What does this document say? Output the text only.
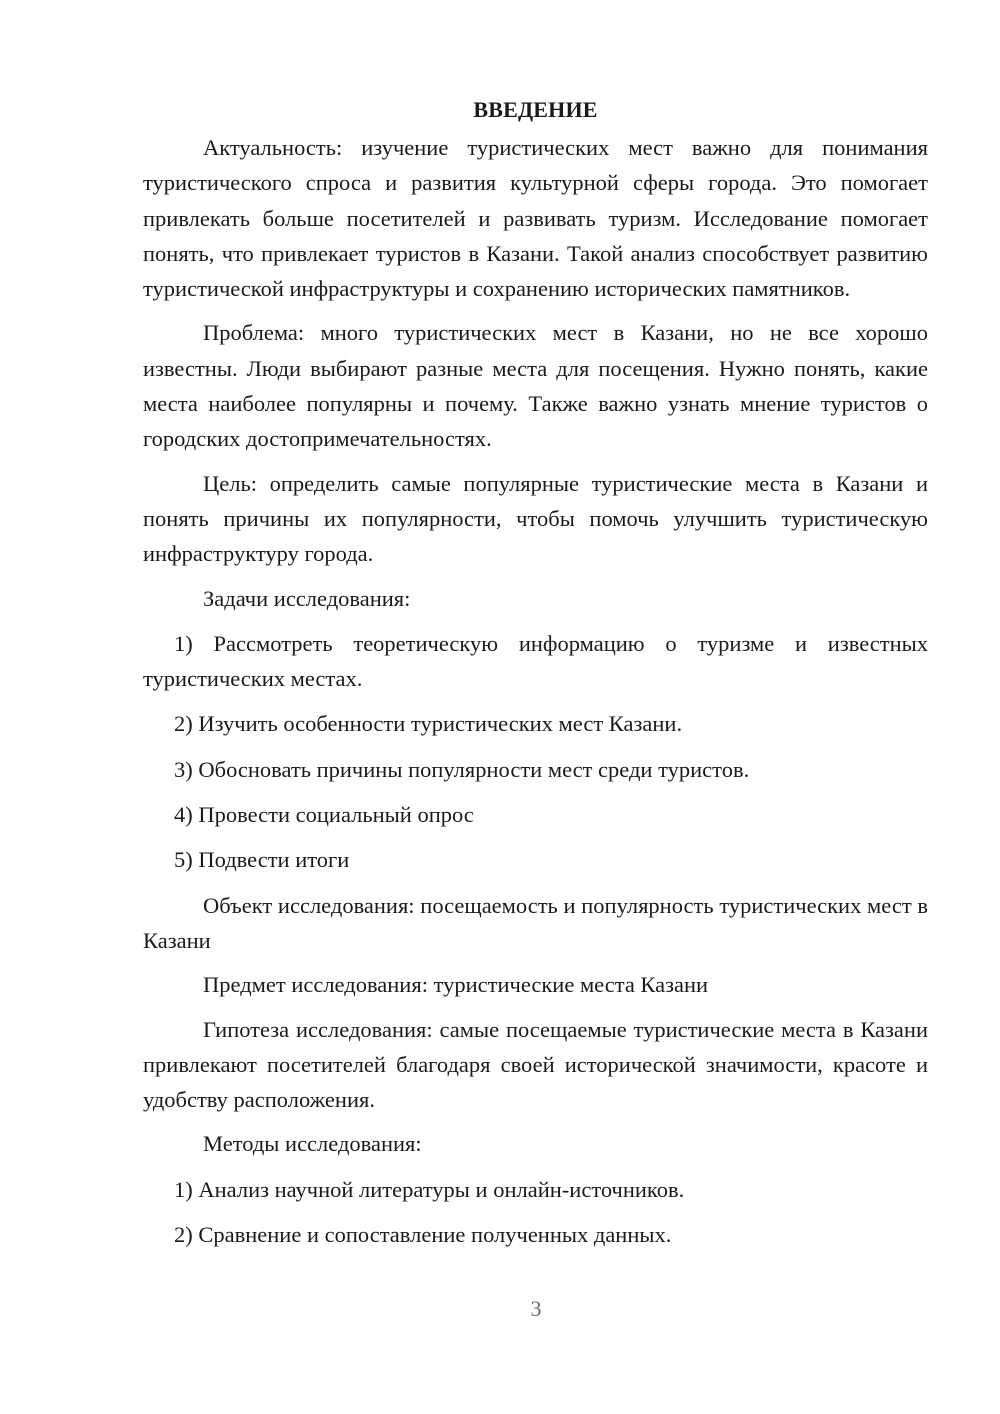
ВВЕДЕНИЕ

Актуальность: изучение туристических мест важно для понимания туристического спроса и развития культурной сферы города. Это помогает привлекать больше посетителей и развивать туризм. Исследование помогает понять, что привлекает туристов в Казани. Такой анализ способствует развитию туристической инфраструктуры и сохранению исторических памятников.

Проблема: много туристических мест в Казани, но не все хорошо известны. Люди выбирают разные места для посещения. Нужно понять, какие места наиболее популярны и почему. Также важно узнать мнение туристов о городских достопримечательностях.

Цель: определить самые популярные туристические места в Казани и понять причины их популярности, чтобы помочь улучшить туристическую инфраструктуру города.

Задачи исследования:

1) Рассмотреть теоретическую информацию о туризме и известных туристических местах.

2) Изучить особенности туристических мест Казани.

3) Обосновать причины популярности мест среди туристов.

4) Провести социальный опрос

5) Подвести итоги

Объект исследования: посещаемость и популярность туристических мест в Казани

Предмет исследования: туристические места Казани

Гипотеза исследования: самые посещаемые туристические места в Казани привлекают посетителей благодаря своей исторической значимости, красоте и удобству расположения.

Методы исследования:

1) Анализ научной литературы и онлайн-источников.

2) Сравнение и сопоставление полученных данных.

3
